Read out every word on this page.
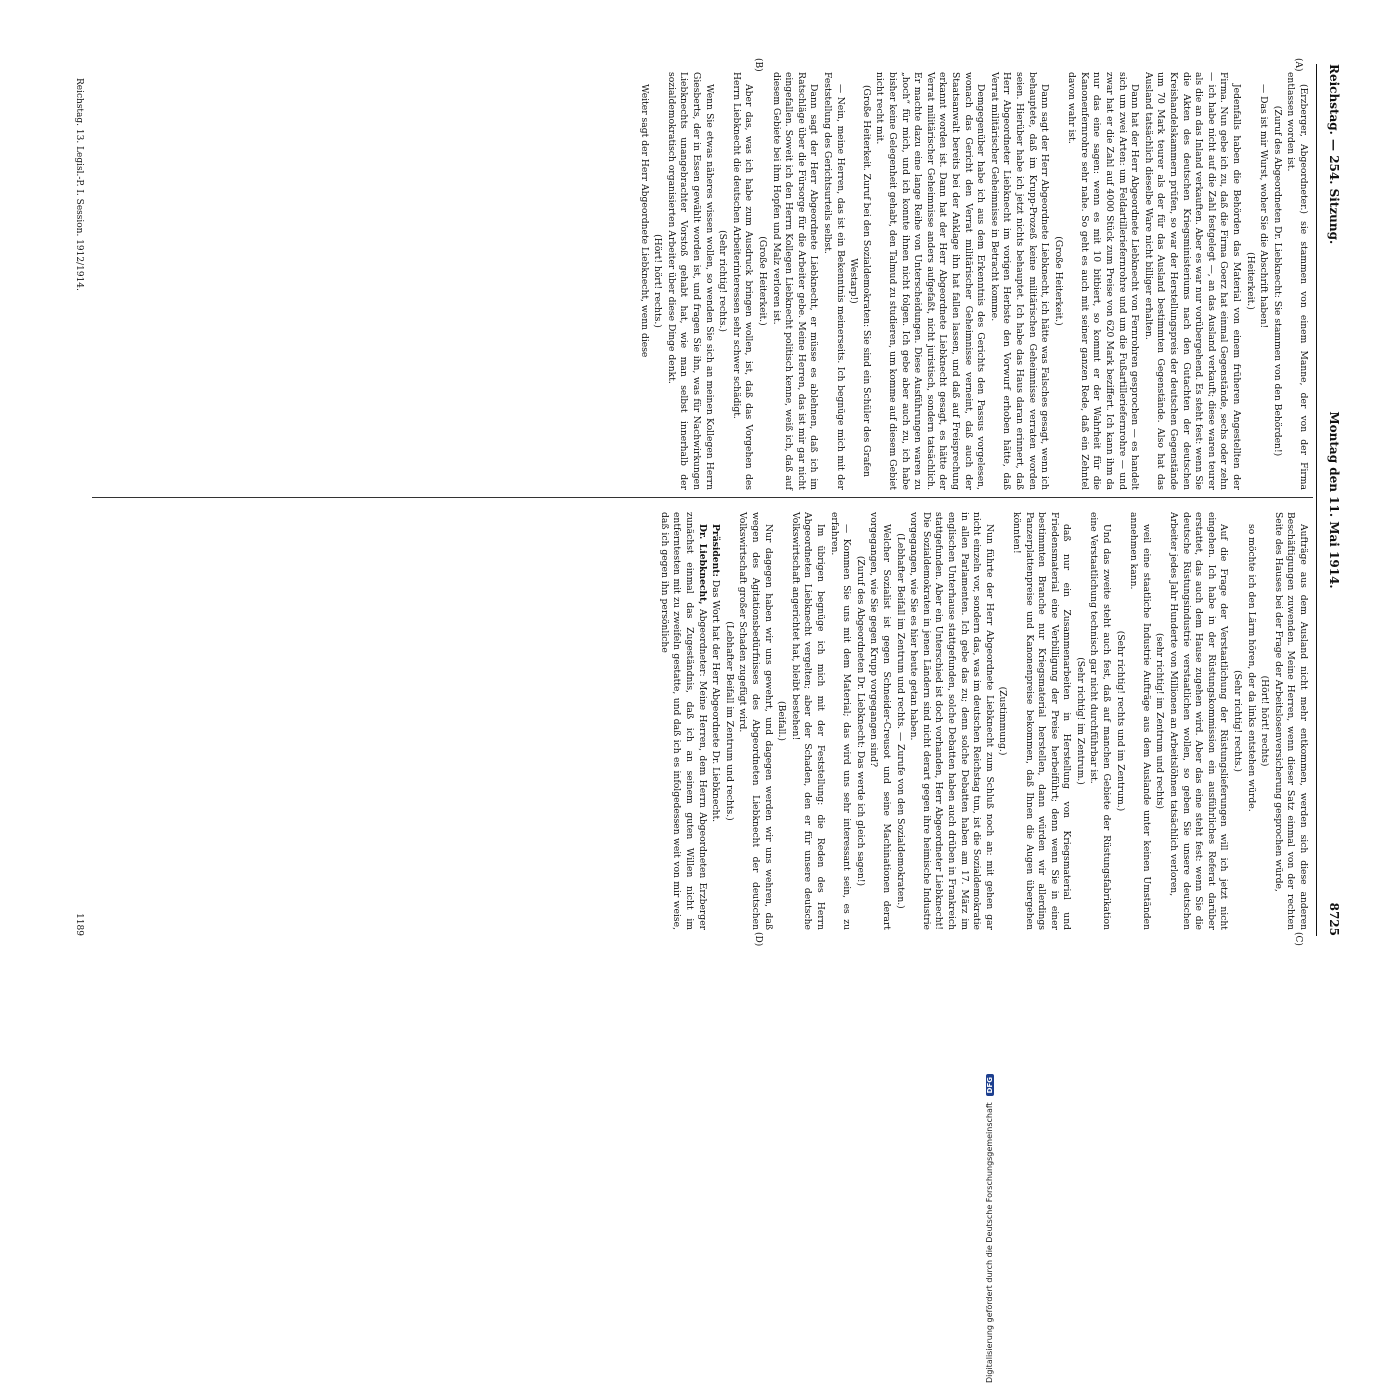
Reichstag. — 254. Sitzung.
Montag den 11. Mai 1914.
8725
(A)
(B)
(C)
(D)

(Erzberger, Abgeordneter.) sie stammen von einem Manne, der von der Firma entlassen worden ist.

(Zuruf des Abgeordneten Dr. Liebknecht: Sie stammen von den Behörden!)

— Das ist mir Wurst, woher Sie die Abschrift haben!

(Heiterkeit.)

Jedenfalls haben die Behörden das Material von einem früheren Angestellten der Firma. Nun gebe ich zu, daß die Firma Goerz hat einmal Gegenstände, sechs oder zehn — ich habe nicht auf die Zahl festgelegt —, an das Ausland verkauft; diese waren teurer als die an das Inland verkauften. Aber es war nur vorübergehend. Es steht fest: wenn Sie die Akten des deutschen Kriegsministeriums nach den Gutachten der deutschen Kreishandelskammern prüfen, so war der Herstellungspreis der deutschen Gegenstände um 70 Mark teurer als der für das Ausland bestimmten Gegenstände. Also hat das Ausland tatsächlich dieselbe Ware nicht billiger erhalten.

Dann hat der Herr Abgeordnete Liebknecht von Fernrohren gesprochen — es handelt sich um zwei Arten: um Feldartilleriefernrohre und um die Fußartilleriefernrohre — und zwar hat er die Zahl auf 4000 Stück zum Preise von 620 Mark beziffert. Ich kann ihm da nur das eine sagen: wenn es mit 10 bitbiert, so kommt er der Wahrheit für die Kanonenfernrohre sehr nahe. So geht es auch mit seiner ganzen Rede, daß ein Zehntel davon wahr ist.

(Große Heiterkeit.)

Dann sagt der Herr Abgeordnete Liebknecht, ich hätte was Falsches gesagt, wenn ich behauptete, daß im Krupp-Prozeß keine militärischen Geheimnisse verraten worden seien. Hierüber habe ich jetzt nichts behauptet. Ich habe das Haus daran erinnert, daß Herr Abgeordneter Liebknecht im vorigen Herbste den Vorwurf erhoben hätte, daß Verrat militärischer Geheimnisse in Betracht komme.

Demgegenüber habe ich aus dem Erkenntnis des Gerichts den Passus vorgelesen, wonach das Gericht den Verrat militärischer Geheimnisse verneint, daß auch der Staatsanwalt bereits bei der Anklage ihn hat fallen lassen, und daß auf Freisprechung erkannt worden ist. Dann hat der Herr Abgeordnete Liebknecht gesagt, es hätte der Verrat militärischer Geheimnisse anders aufgefaßt, nicht juristisch, sondern tatsächlich. Er machte dazu eine lange Reihe von Unterscheidungen. Diese Ausführungen waren zu „hoch“ für mich, und ich konnte ihnen nicht folgen. Ich gebe aber auch zu, ich habe bisher keine Gelegenheit gehabt, den Talmud zu studieren, um komme auf diesem Gebiet nicht recht mit.

(Große Heiterkeit. Zuruf bei den Sozialdemokraten: Sie sind ein Schüler des Grafen Westarp!)

— Nein, meine Herren, das ist ein Bekenntnis meinerseits. Ich begnüge mich mit der Feststellung des Gerichtsurteils selbst.

Dann sagt der Herr Abgeordnete Liebknecht, er müsse es ablehnen, daß ich im Ratschläge über die Fürsorge für die Arbeiter gebe. Meine Herren, das ist mir gar nicht eingefallen. Soweit ich den Herrn Kollegen Liebknecht politisch kenne, weiß ich, daß auf diesem Gebiete bei ihm Hopfen und Malz verloren ist.

(Große Heiterkeit.)

Aber das, was ich habe zum Ausdruck bringen wollen, ist, daß das Vorgehen des Herrn Liebknecht die deutschen Arbeiterinteressen sehr schwer schädigt.

(Sehr richtig! rechts.)

Wenn Sie etwas näheres wissen wollen, so wenden Sie sich an meinen Kollegen Herrn Giesberts, der in Essen gewählt worden ist, und fragen Sie ihn, was für Nachwirkungen Liebknechts unangebrachter Vorstoß gehabt hat, wie man selbst innerhalb der sozialdemokratisch organisierten Arbeiter über diese Dinge denkt.

(Hört! hört! rechts.)

Weiter sagt der Herr Abgeordnete Liebknecht, wenn diese

Aufträge aus dem Ausland nicht mehr entkommen, werden sich diese anderen Beschäftigungen zuwenden. Meine Herren, wenn dieser Satz einmal von der rechten Seite des Hauses bei der Frage der Arbeitslosenversicherung gesprochen würde,

(Hört! hört! rechts)

so möchte ich den Lärm hören, der da links entstehen würde.

(Sehr richtig! rechts.)

Auf die Frage der Verstaatlichung der Rüstungslieferungen will ich jetzt nicht eingehen. Ich habe in der Rüstungskommission ein ausführliches Referat darüber erstattet, das auch dem Hause zugehen wird. Aber das eine steht fest: wenn Sie die deutsche Rüstungsindustrie verstaatlichen wollen, so geben Sie unsere deutschen Arbeiter jedes Jahr Hunderte von Millionen an Arbeitslöhnen tatsächlich verloren,

(sehr richtig! im Zentrum und rechts)

weil eine staatliche Industrie Aufträge aus dem Auslande unter keinen Umständen annehmen kann.

(Sehr richtig! rechts und im Zentrum.)

Und das zweite steht auch fest, daß auf manchen Gebiete der Rüstungsfabrikation eine Verstaatlichung technisch gar nicht durchführbar ist.

(Sehr richtig! im Zentrum.)

daß nur ein Zusammenarbeiten in Herstellung von Kriegsmaterial und Friedensmaterial eine Verbilligung der Preise herbeiführt; denn wenn Sie in einer bestimmten Branche nur Kriegsmaterial herstellen, dann würden wir allerdings Panzerplattenpreise und Kanonenpreise bekommen, daß Ihnen die Augen übergehen könnten!

(Zustimmung.)

Nun führte der Herr Abgeordnete Liebknecht zum Schluß noch an: mit gehen gar nicht einzeln vor, sondern das, was im deutschen Reichstag tun, ist die Sozialdemokratie in allen Parlamenten. Ich gebe das zu; denn solche Debatten haben am 17. März im englischen Unterhause stattgefunden, solche Debatten haben auch drüben in Frankreich stattgefunden. Aber ein Unterschied ist doch vorhanden, Herr Abgeordneter Liebknecht! Die Sozialdemokraten in jenen Ländern sind nicht derart gegen ihre heimische Industrie vorgegangen, wie Sie es hier heute getan haben.

(Lebhafter Beifall im Zentrum und rechts. — Zurufe von den Sozialdemokraten.)

Welcher Sozialist ist gegen Schneider-Creusot und seine Machinationen derart vorgegangen, wie Sie gegen Krupp vorgegangen sind?

(Zuruf des Abgeordneten Dr. Liebknecht: Das werde ich gleich sagen!)

— Kommen Sie uns mit dem Material; das wird uns sehr interessant sein, es zu erfahren.

Im übrigen begnüge ich mich mit der Feststellung: die Reden des Herrn Abgeordneten Liebknecht vergelten; aber der Schaden, den er für unsere deutsche Volkswirtschaft angerichtet hat, bleibt bestehen!

(Beifall.)

Nur dagegen haben wir uns gewehrt, und dagegen werden wir uns wehren, daß wegen des Agitationsbedürfnisses des Abgeordneten Liebknecht der deutschen Volkswirtschaft großer Schaden zugefügt wird.

(Lebhafter Beifall im Zentrum und rechts.)

Präsident: Das Wort hat der Herr Abgeordnete Dr. Liebknecht.

Dr. Liebknecht, Abgeordneter: Meine Herren, dem Herrn Abgeordneten Erzberger zunächst einmal das Zugeständnis, daß ich an seinem guten Willen nicht im entferntesten mit zu zweifeln gestatte, und daß ich es infolgedessen weit von mir weise, daß ich gegen ihn persönliche

Reichstag. 13. Legisl.-P. I. Session. 1912/1914.
1189
Digitalisierung gefördert durch die Deutsche ForschungsgemeinschaftDFG
